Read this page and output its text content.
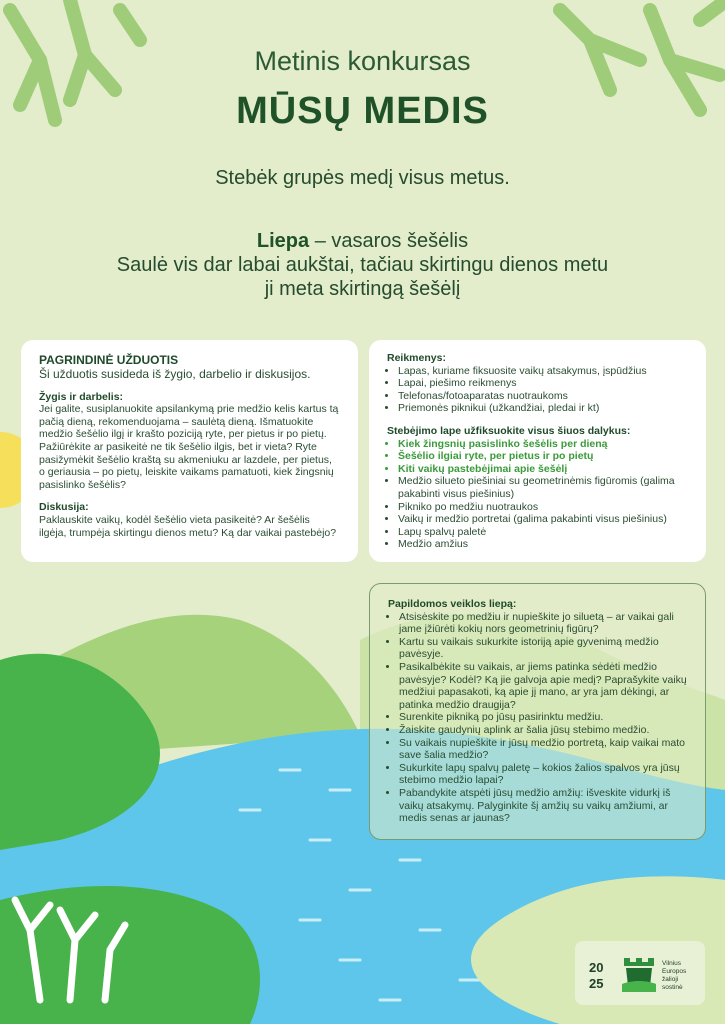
Metinis konkursas
MŪSŲ MEDIS
Stebėk grupės medį visus metus.
Liepa – vasaros šešėlis
Saulė vis dar labai aukštai, tačiau skirtingu dienos metu
ji meta skirtingą šešėlį
PAGRINDINĖ UŽDUOTIS
Ši užduotis susideda iš žygio, darbelio ir diskusijos.
Žygis ir darbelis:
Jei galite, susiplanuokite apsilankymą prie medžio kelis kartus tą pačią dieną, rekomenduojama – saulėtą dieną. Išmatuokite medžio šešėlio ilgį ir krašto poziciją ryte, per pietus ir po pietų. Pažiūrėkite ar pasikeitė ne tik šešėlio ilgis, bet ir vieta? Ryte pasižymėkit šešėlio kraštą su akmeniuku ar lazdele, per pietus, o geriausia – po pietų, leiskite vaikams pamatuoti, kiek žingsnių pasislinko šešėlis?
Diskusija:
Paklauskite vaikų, kodėl šešėlio vieta pasikeitė? Ar šešėlis ilgėja, trumpėja skirtingu dienos metu? Ką dar vaikai pastebėjo?
Reikmenys:
• Lapas, kuriame fiksuosite vaikų atsakymus, įspūdžius
• Lapai, piešimo reikmenys
• Telefonas/fotoaparatas nuotraukoms
• Priemonės piknikui (užkandžiai, pledai ir kt)
Stebėjimo lape užfiksuokite visus šiuos dalykus:
• Kiek žingsnių pasislinko šešėlis per dieną
• Šešėlio ilgiai ryte, per pietus ir po pietų
• Kiti vaikų pastebėjimai apie šešėlį
• Medžio silueto piešiniai su geometrinėmis figūromis (galima pakabinti visus piešinius)
• Pikniko po medžiu nuotraukos
• Vaikų ir medžio portretai (galima pakabinti visus piešinius)
• Lapų spalvų paletė
• Medžio amžius
Papildomos veiklos liepą:
• Atsisėskite po medžiu ir nupieškite jo siluetą – ar vaikai gali jame įžiūrėti kokių nors geometrinių figūrų?
• Kartu su vaikais sukurkite istoriją apie gyvenimą medžio pavėsyje.
• Pasikalbėkite su vaikais, ar jiems patinka sėdėti medžio pavėsyje? Kodėl? Ką jie galvoja apie medį? Paprašykite vaikų medžiui papasakoti, ką apie jį mano, ar yra jam dėkingi, ar patinka medžio draugija?
• Surenkite pikniką po jūsų pasirinktu medžiu.
• Žaiskite gaudynių aplink ar šalia jūsų stebimo medžio.
• Su vaikais nupieškite ir jūsų medžio portretą, kaip vaikai mato save šalia medžio?
• Sukurkite lapų spalvų paletę – kokios žalios spalvos yra jūsų stebimo medžio lapai?
• Pabandykite atspėti jūsų medžio amžių: išveskite vidurkį iš vaikų atsakymų. Palyginkite šį amžių su vaikų amžiumi, ar medis senas ar jaunas?
20
25
Vilnius
Europos
žalioji
sostinė
